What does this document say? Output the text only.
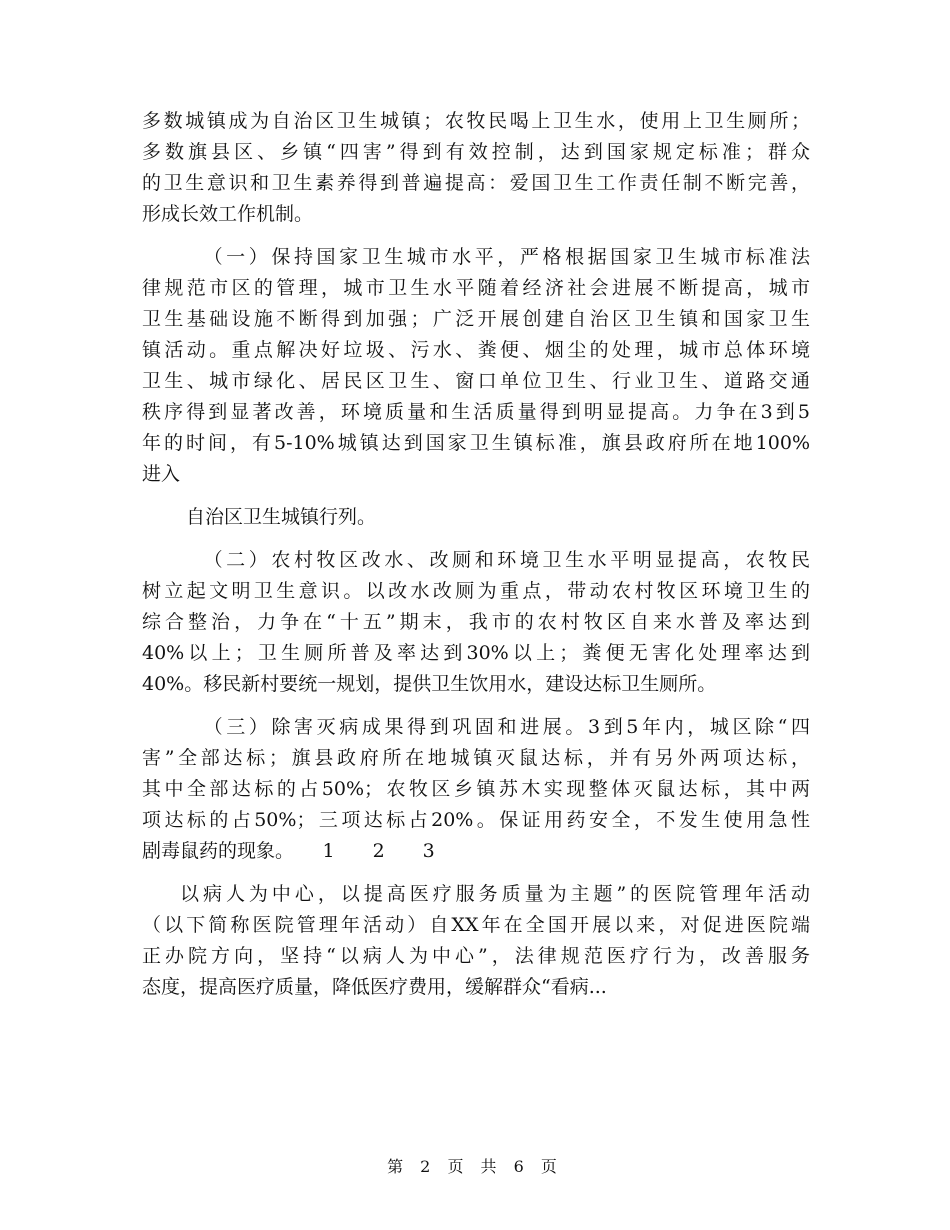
多数城镇成为自治区卫生城镇；农牧民喝上卫生水，使用上卫生厕所；
多数旗县区、乡镇“四害”得到有效控制，达到国家规定标准；群众
的卫生意识和卫生素养得到普遍提高：爱国卫生工作责任制不断完善，
形成长效工作机制。
（一）保持国家卫生城市水平，严格根据国家卫生城市标准法
律规范市区的管理，城市卫生水平随着经济社会进展不断提高，城市
卫生基础设施不断得到加强；广泛开展创建自治区卫生镇和国家卫生
镇活动。重点解决好垃圾、污水、粪便、烟尘的处理，城市总体环境
卫生、城市绿化、居民区卫生、窗口单位卫生、行业卫生、道路交通
秩序得到显著改善，环境质量和生活质量得到明显提高。力争在3到5
年的时间，有5-10%城镇达到国家卫生镇标准，旗县政府所在地100%
进入
自治区卫生城镇行列。
（二）农村牧区改水、改厕和环境卫生水平明显提高，农牧民
树立起文明卫生意识。以改水改厕为重点，带动农村牧区环境卫生的
综合整治，力争在“十五”期末，我市的农村牧区自来水普及率达到
40%以上；卫生厕所普及率达到30%以上；粪便无害化处理率达到
40%。移民新村要统一规划，提供卫生饮用水，建设达标卫生厕所。
（三）除害灭病成果得到巩固和进展。3到5年内，城区除“四
害”全部达标；旗县政府所在地城镇灭鼠达标，并有另外两项达标，
其中全部达标的占50%；农牧区乡镇苏木实现整体灭鼠达标，其中两
项达标的占50%；三项达标占20%。保证用药安全，不发生使用急性
剧毒鼠药的现象。　　1　　2　　3
以病人为中心，以提高医疗服务质量为主题”的医院管理年活动
（以下简称医院管理年活动）自XX年在全国开展以来，对促进医院端
正办院方向，坚持“以病人为中心”，法律规范医疗行为，改善服务
态度，提高医疗质量，降低医疗费用，缓解群众“看病...
第 2 页 共 6 页
